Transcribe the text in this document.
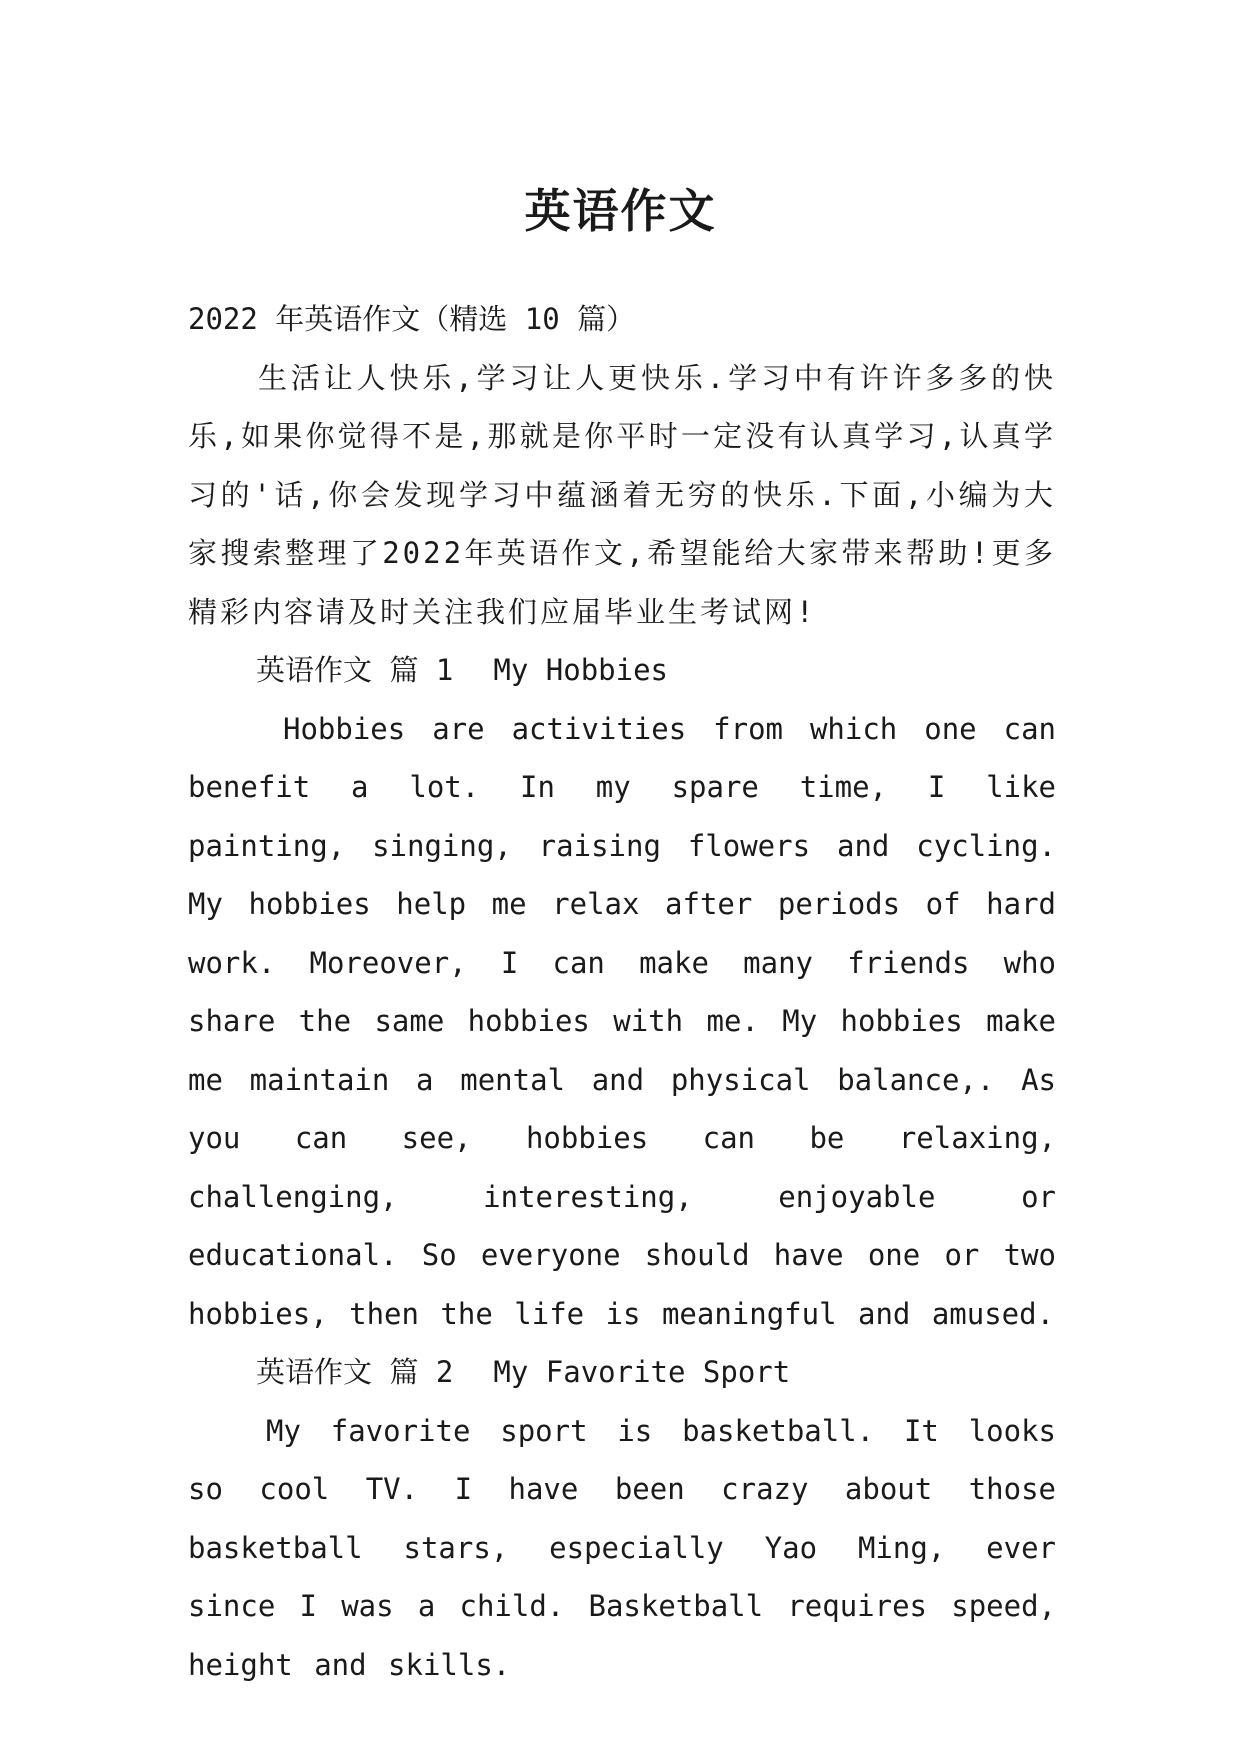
英语作文

2022 年英语作文（精选 10 篇）

生活让人快乐,学习让人更快乐.学习中有许许多多的快乐,如果你觉得不是,那就是你平时一定没有认真学习,认真学习的'话,你会发现学习中蕴涵着无穷的快乐.下面,小编为大家搜索整理了2022年英语作文,希望能给大家带来帮助!更多精彩内容请及时关注我们应届毕业生考试网!

英语作文 篇 1 My Hobbies

Hobbies are activities from which one can benefit a lot. In my spare time, I like painting, singing, raising flowers and cycling. My hobbies help me relax after periods of hard work. Moreover, I can make many friends who share the same hobbies with me. My hobbies make me maintain a mental and physical balance,. As you can see, hobbies can be relaxing, challenging, interesting, enjoyable or educational. So everyone should have one or two hobbies, then the life is meaningful and amused.

英语作文 篇 2 My Favorite Sport

My favorite sport is basketball. It looks so cool TV. I have been crazy about those basketball stars, especially Yao Ming, ever since I was a child. Basketball requires speed, height and skills.
